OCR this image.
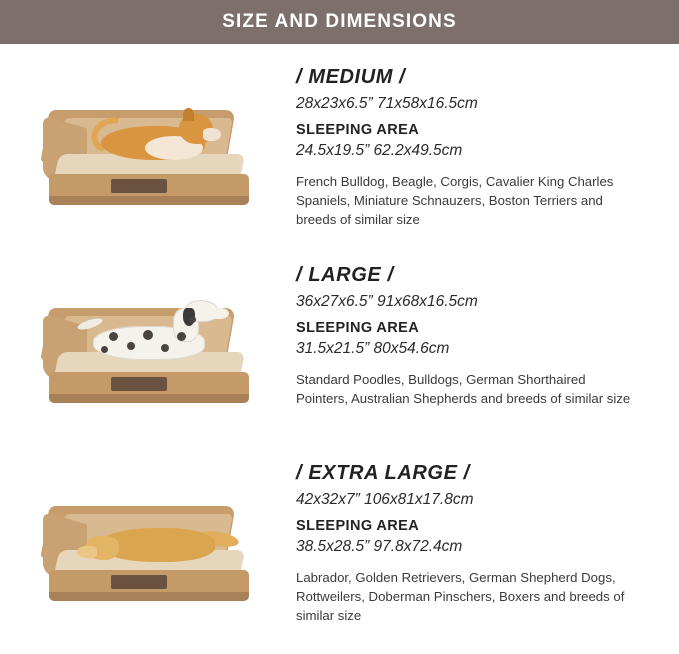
SIZE AND DIMENSIONS

/ MEDIUM /

28x23x6.5” 71x58x16.5cm

SLEEPING AREA

24.5x19.5” 62.2x49.5cm

French Bulldog, Beagle, Corgis, Cavalier King Charles Spaniels, Miniature Schnauzers, Boston Terriers and breeds of similar size

/ LARGE /

36x27x6.5” 91x68x16.5cm

SLEEPING AREA

31.5x21.5” 80x54.6cm

Standard Poodles, Bulldogs, German Shorthaired Pointers, Australian Shepherds and breeds of similar size

/ EXTRA LARGE /

42x32x7” 106x81x17.8cm

SLEEPING AREA

38.5x28.5” 97.8x72.4cm

Labrador, Golden Retrievers, German Shepherd Dogs, Rottweilers, Doberman Pinschers, Boxers and breeds of similar size
